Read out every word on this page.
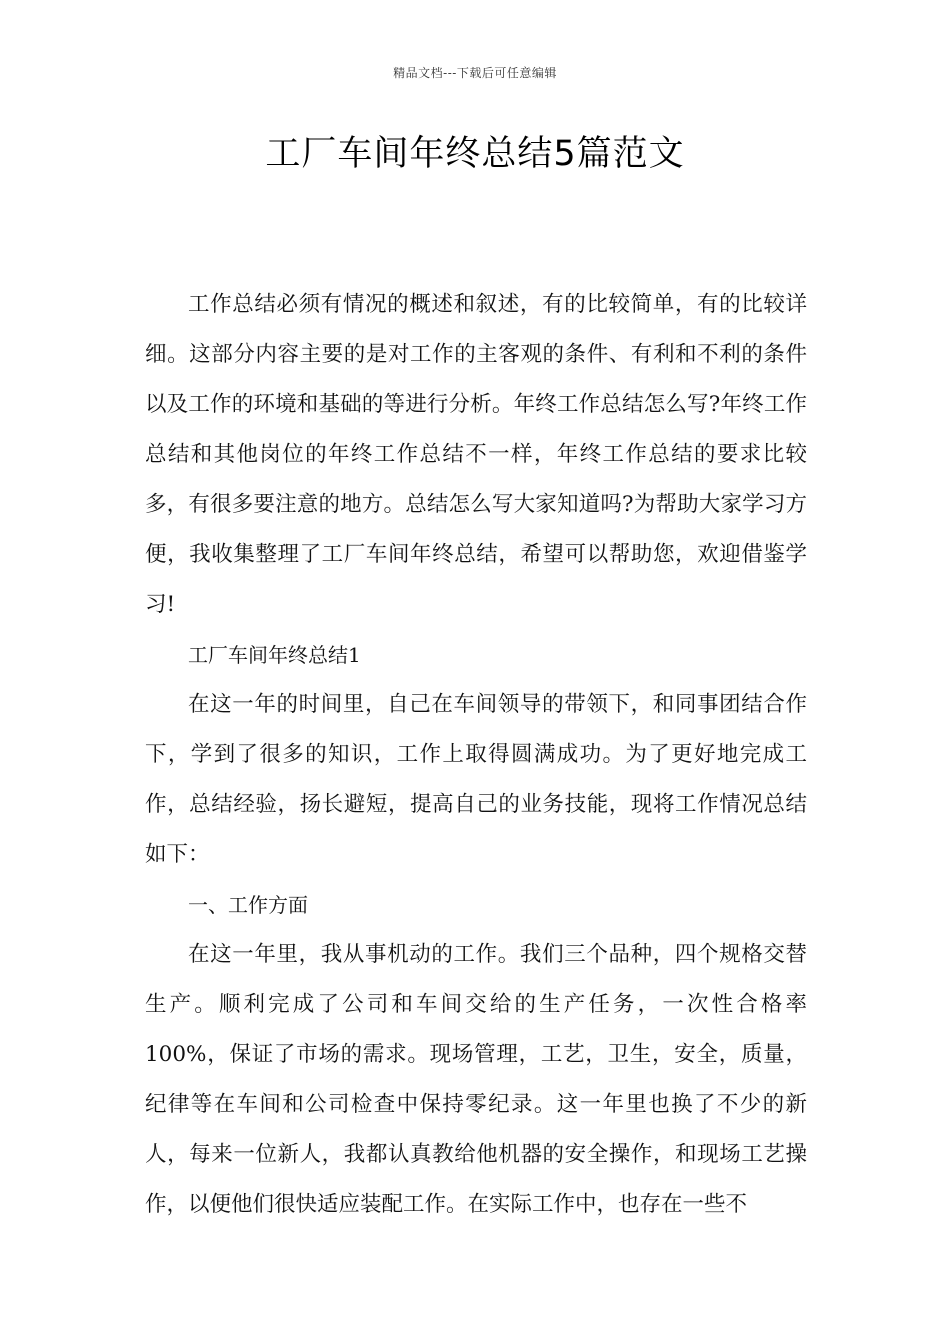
精品文档---下载后可任意编辑
工厂车间年终总结5篇范文

工作总结必须有情况的概述和叙述，有的比较简单，有的比较详细。这部分内容主要的是对工作的主客观的条件、有利和不利的条件以及工作的环境和基础的等进行分析。年终工作总结怎么写?年终工作总结和其他岗位的年终工作总结不一样，年终工作总结的要求比较多，有很多要注意的地方。总结怎么写大家知道吗?为帮助大家学习方便，我收集整理了工厂车间年终总结，希望可以帮助您，欢迎借鉴学习!

工厂车间年终总结1

在这一年的时间里，自己在车间领导的带领下，和同事团结合作下，学到了很多的知识，工作上取得圆满成功。为了更好地完成工作，总结经验，扬长避短，提高自己的业务技能，现将工作情况总结如下：

一、工作方面

在这一年里，我从事机动的工作。我们三个品种，四个规格交替生产。顺利完成了公司和车间交给的生产任务，一次性合格率100%，保证了市场的需求。现场管理，工艺，卫生，安全，质量，纪律等在车间和公司检查中保持零纪录。这一年里也换了不少的新人，每来一位新人，我都认真教给他机器的安全操作，和现场工艺操作，以便他们很快适应装配工作。在实际工作中，也存在一些不
